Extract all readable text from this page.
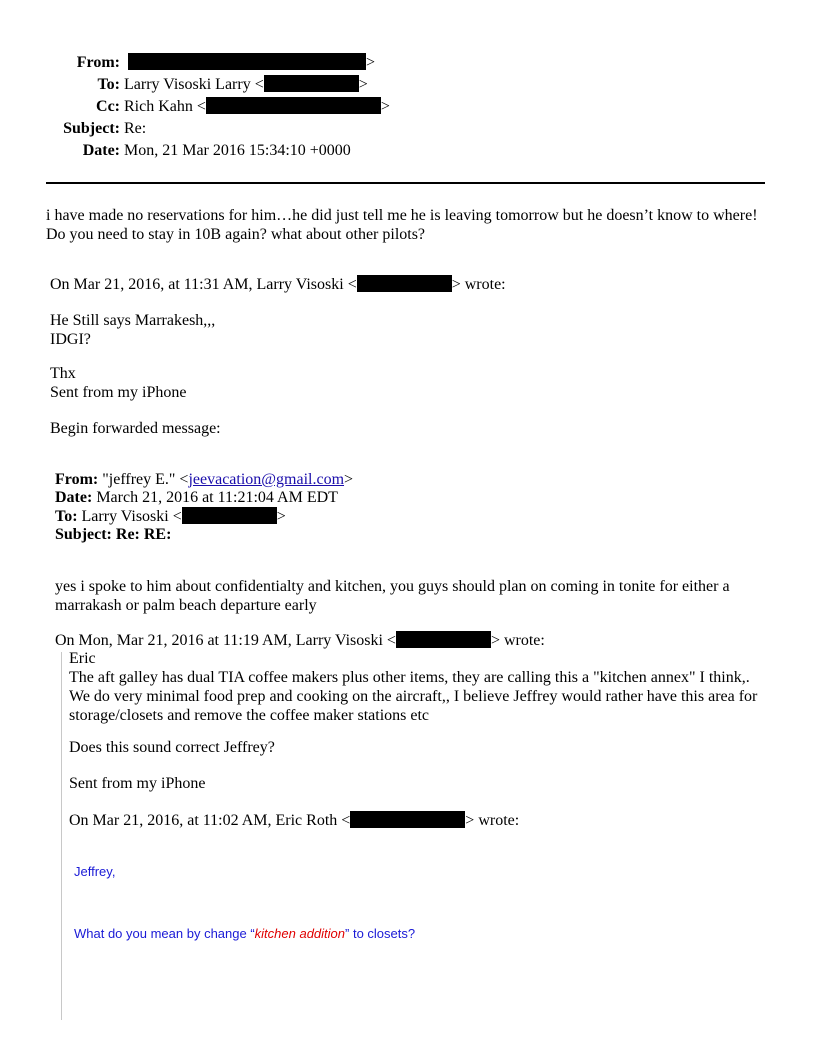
From:	>
To: Larry Visoski Larry <	>
Cc: Rich Kahn <	>
Subject: Re:
Date: Mon, 21 Mar 2016 15:34:10 +0000

i have made no reservations for him…he did just tell me he is leaving tomorrow but he doesn’t know to where!

Do you need to stay in 10B again? what about other pilots?

On Mar 21, 2016, at 11:31 AM, Larry Visoski <	> wrote:

He Still says Marrakesh,,,

IDGI?

Thx

Sent from my iPhone

Begin forwarded message:

From: "jeffrey E." <jeevacation@gmail.com>
Date: March 21, 2016 at 11:21:04 AM EDT
To: Larry Visoski <	>
Subject: Re: RE:

yes i spoke to him about confidentialty and kitchen, you guys should plan on coming in tonite for either a

marrakash or palm beach departure early

On Mon, Mar 21, 2016 at 11:19 AM, Larry Visoski <	> wrote:

Eric

The aft galley has dual TIA coffee makers plus other items, they are calling this a "kitchen annex" I think,.

We do very minimal food prep and cooking on the aircraft,, I believe Jeffrey would rather have this area for

storage/closets and remove the coffee maker stations etc

Does this sound correct Jeffrey?

Sent from my iPhone

On Mar 21, 2016, at 11:02 AM, Eric Roth <	> wrote:
Jeffrey,
What do you mean by change “kitchen addition” to closets?
